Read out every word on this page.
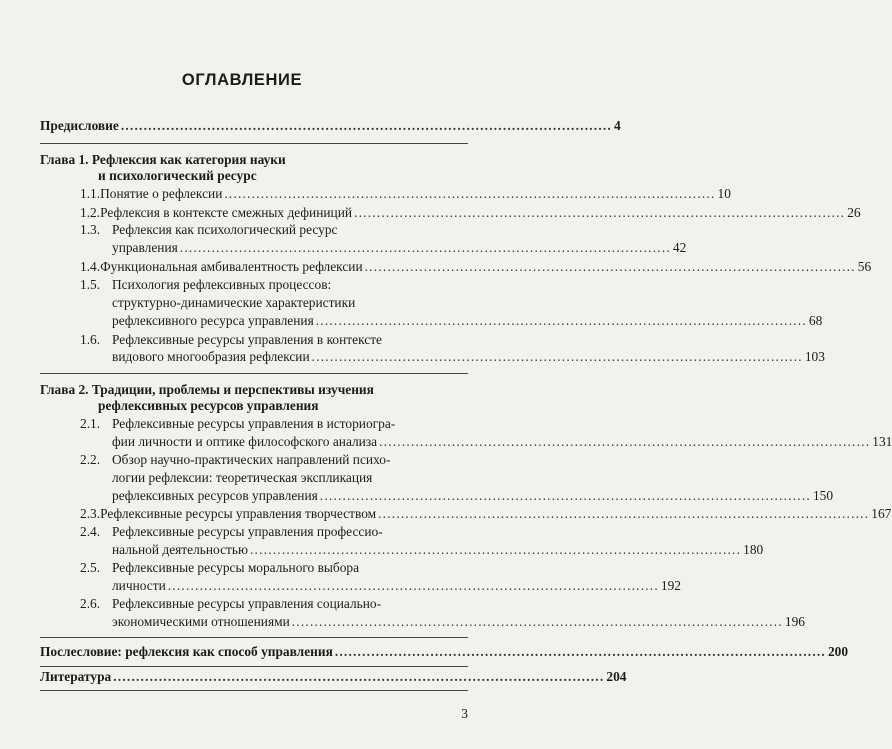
ОГЛАВЛЕНИЕ
Предисловие ............................................................................................................ 4
Глава 1. Рефлексия как категория науки
и психологический ресурс
1.1. Понятие о рефлексии ............................................................................................................ 10
1.2. Рефлексия в контексте смежных дефиниций ............................................................................................................ 26
1.3. Рефлексия как психологический ресурс
управления ............................................................................................................ 42
1.4. Функциональная амбивалентность рефлексии ............................................................................................................ 56
1.5. Психология рефлексивных процессов:
структурно-динамические характеристики
рефлексивного ресурса управления ............................................................................................................ 68
1.6. Рефлексивные ресурсы управления в контексте
видового многообразия рефлексии ............................................................................................................ 103
Глава 2. Традиции, проблемы и перспективы изучения
рефлексивных ресурсов управления
2.1. Рефлексивные ресурсы управления в историогра-
фии личности и оптике философского анализа ............................................................................................................ 131
2.2. Обзор научно-практических направлений психо-
логии рефлексии: теоретическая экспликация
рефлексивных ресурсов управления ............................................................................................................ 150
2.3. Рефлексивные ресурсы управления творчеством ............................................................................................................ 167
2.4. Рефлексивные ресурсы управления профессио-
нальной деятельностью ............................................................................................................ 180
2.5. Рефлексивные ресурсы морального выбора
личности ............................................................................................................ 192
2.6. Рефлексивные ресурсы управления социально-
экономическими отношениями ............................................................................................................ 196
Послесловие: рефлексия как способ управления ............................................................................................................ 200
Литература ............................................................................................................ 204
3
